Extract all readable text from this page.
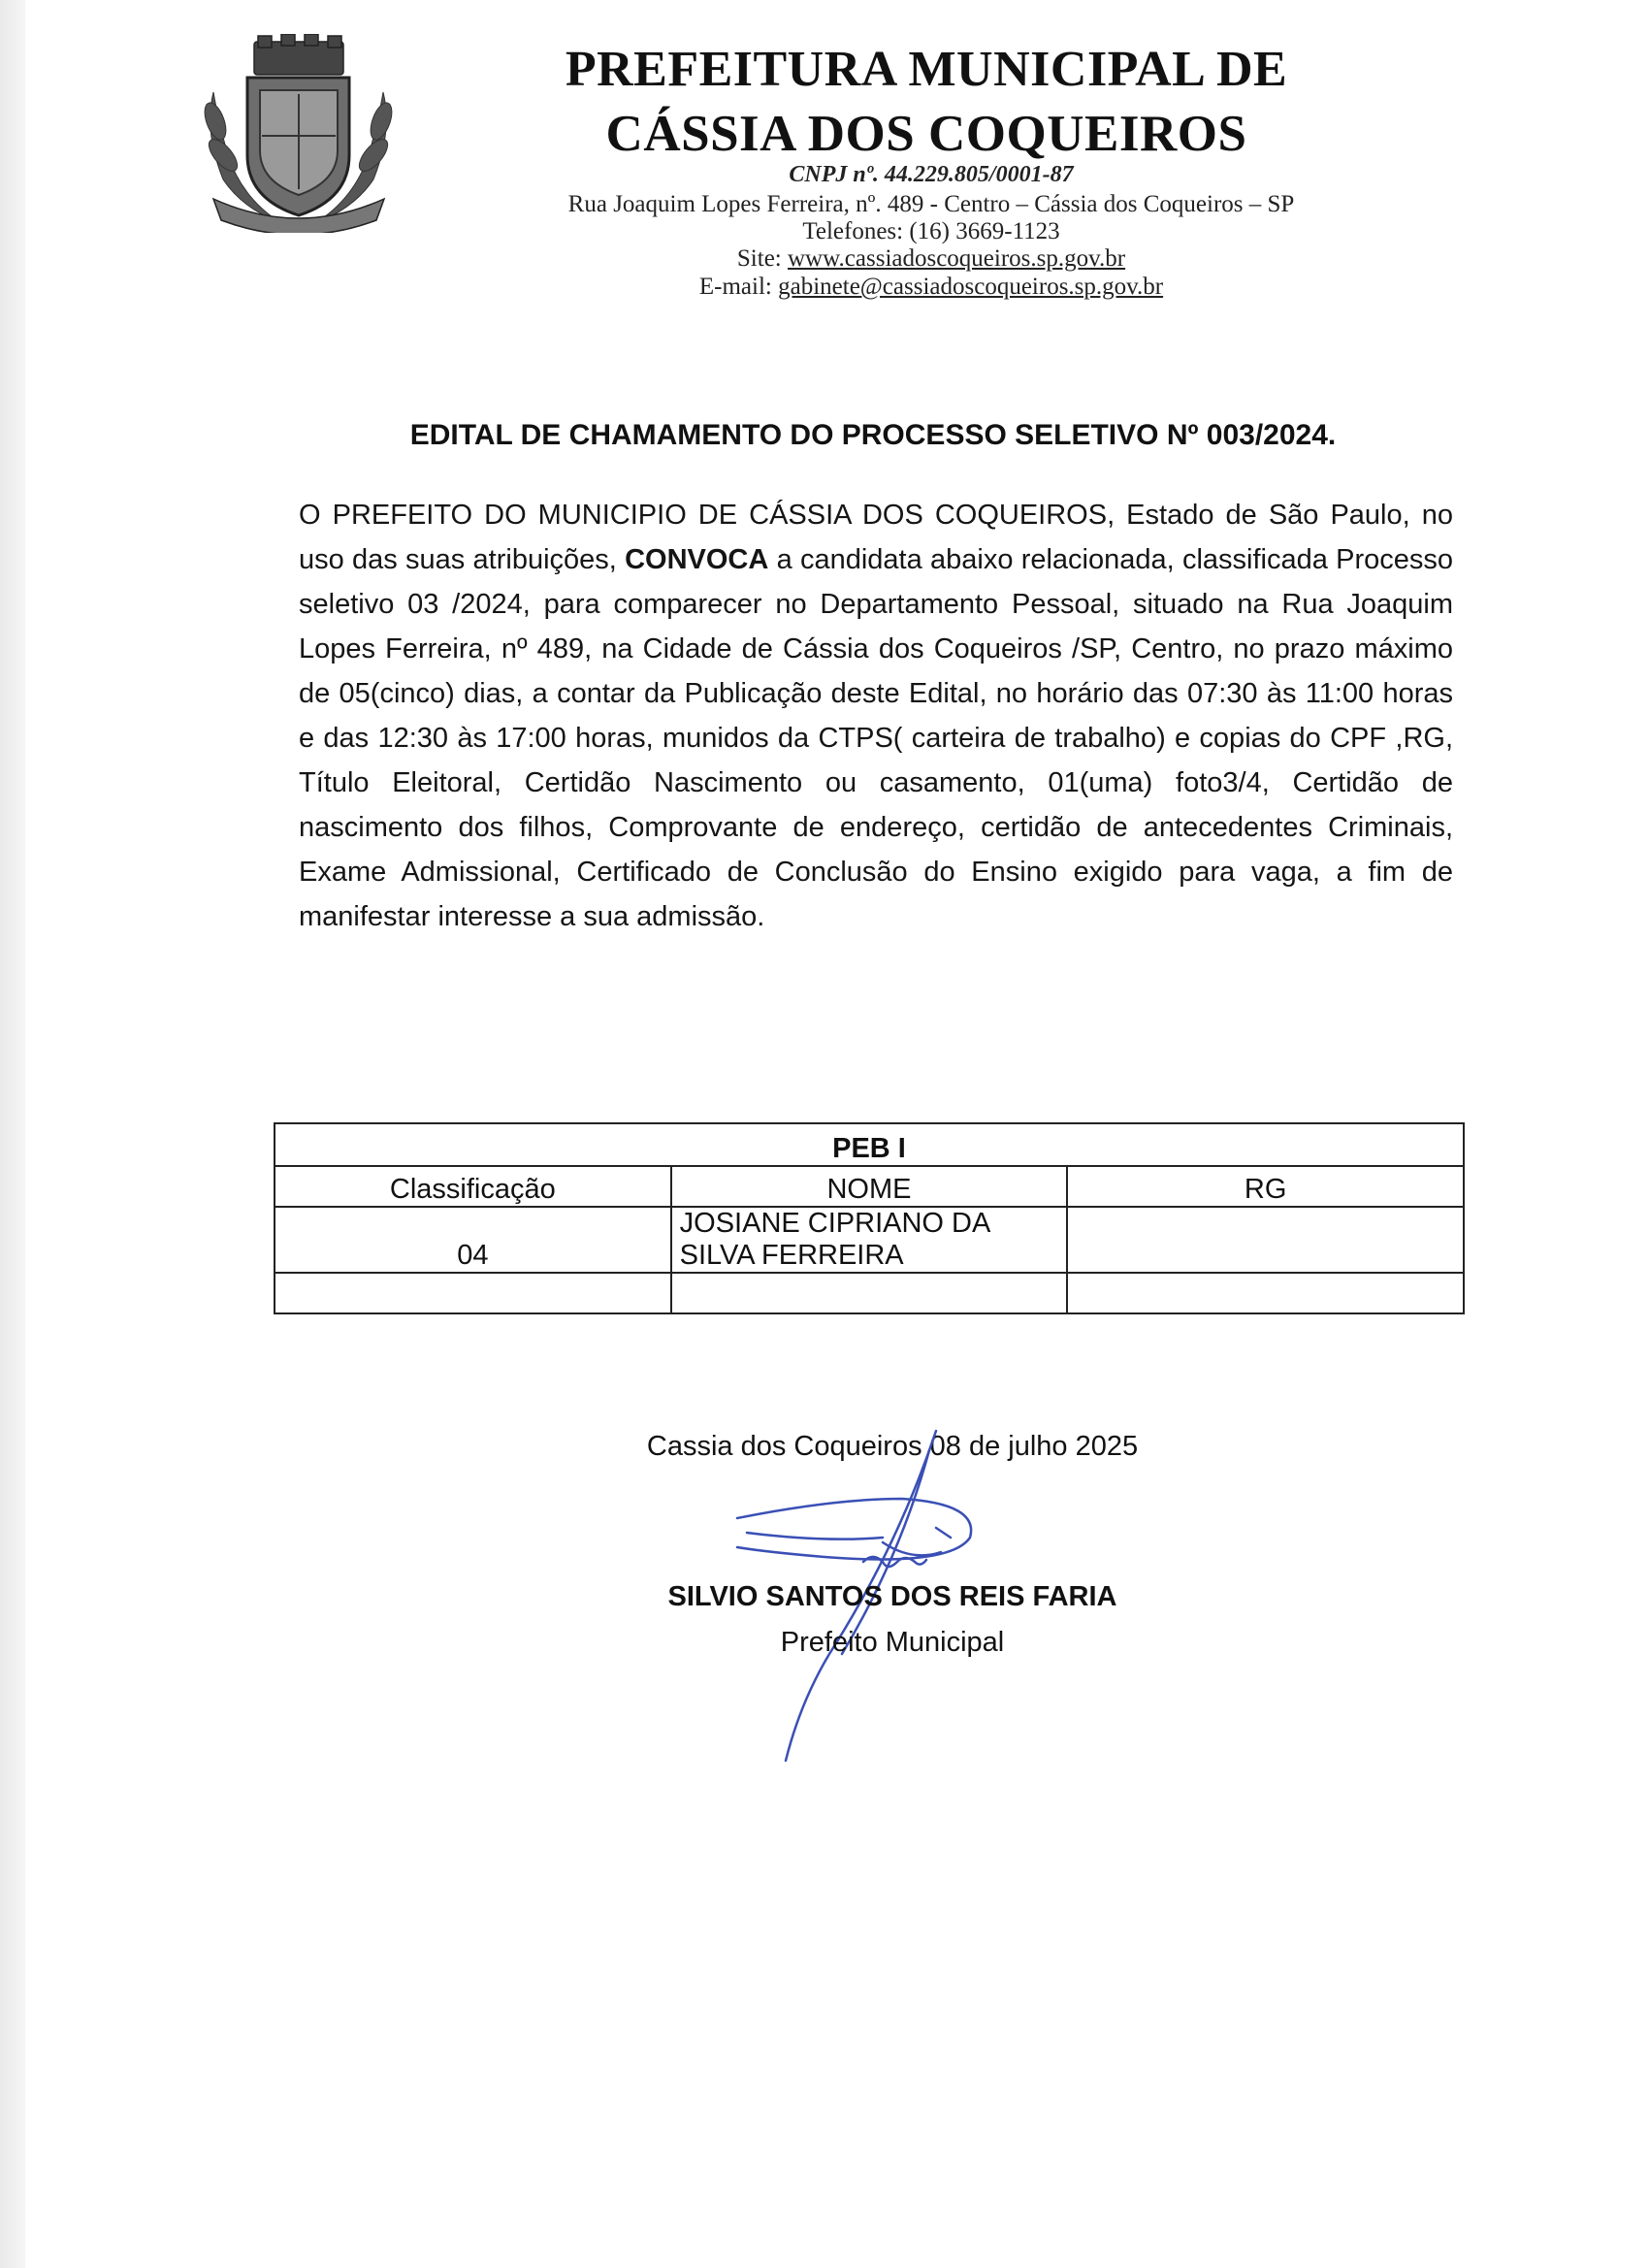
PREFEITURA MUNICIPAL DE
CÁSSIA DOS COQUEIROS
CNPJ nº. 44.229.805/0001-87
Rua Joaquim Lopes Ferreira, nº. 489 - Centro – Cássia dos Coqueiros – SP
Telefones: (16) 3669-1123
Site: www.cassiadoscoqueiros.sp.gov.br
E-mail: gabinete@cassiadoscoqueiros.sp.gov.br
EDITAL DE CHAMAMENTO DO PROCESSO SELETIVO Nº 003/2024.

O PREFEITO DO MUNICIPIO DE CÁSSIA DOS COQUEIROS, Estado de São Paulo, no uso das suas atribuições, CONVOCA a candidata abaixo relacionada, classificada Processo seletivo 03 /2024, para comparecer no Departamento Pessoal, situado na Rua Joaquim Lopes Ferreira, nº 489, na Cidade de Cássia dos Coqueiros /SP, Centro, no prazo máximo de 05(cinco) dias, a contar da Publicação deste Edital, no horário das 07:30 às 11:00 horas e das 12:30 às 17:00 horas, munidos da CTPS( carteira de trabalho) e copias do CPF ,RG, Título Eleitoral, Certidão Nascimento ou casamento, 01(uma) foto3/4, Certidão de nascimento dos filhos, Comprovante de endereço, certidão de antecedentes Criminais, Exame Admissional, Certificado de Conclusão do Ensino exigido para vaga, a fim de manifestar interesse a sua admissão.

PEB I		
Classificação	NOME	RG
04	JOSIANE CIPRIANO DA SILVA FERREIRA	

Cassia dos Coqueiros 08 de julho 2025
SILVIO SANTOS DOS REIS FARIA
Prefeito Municipal
